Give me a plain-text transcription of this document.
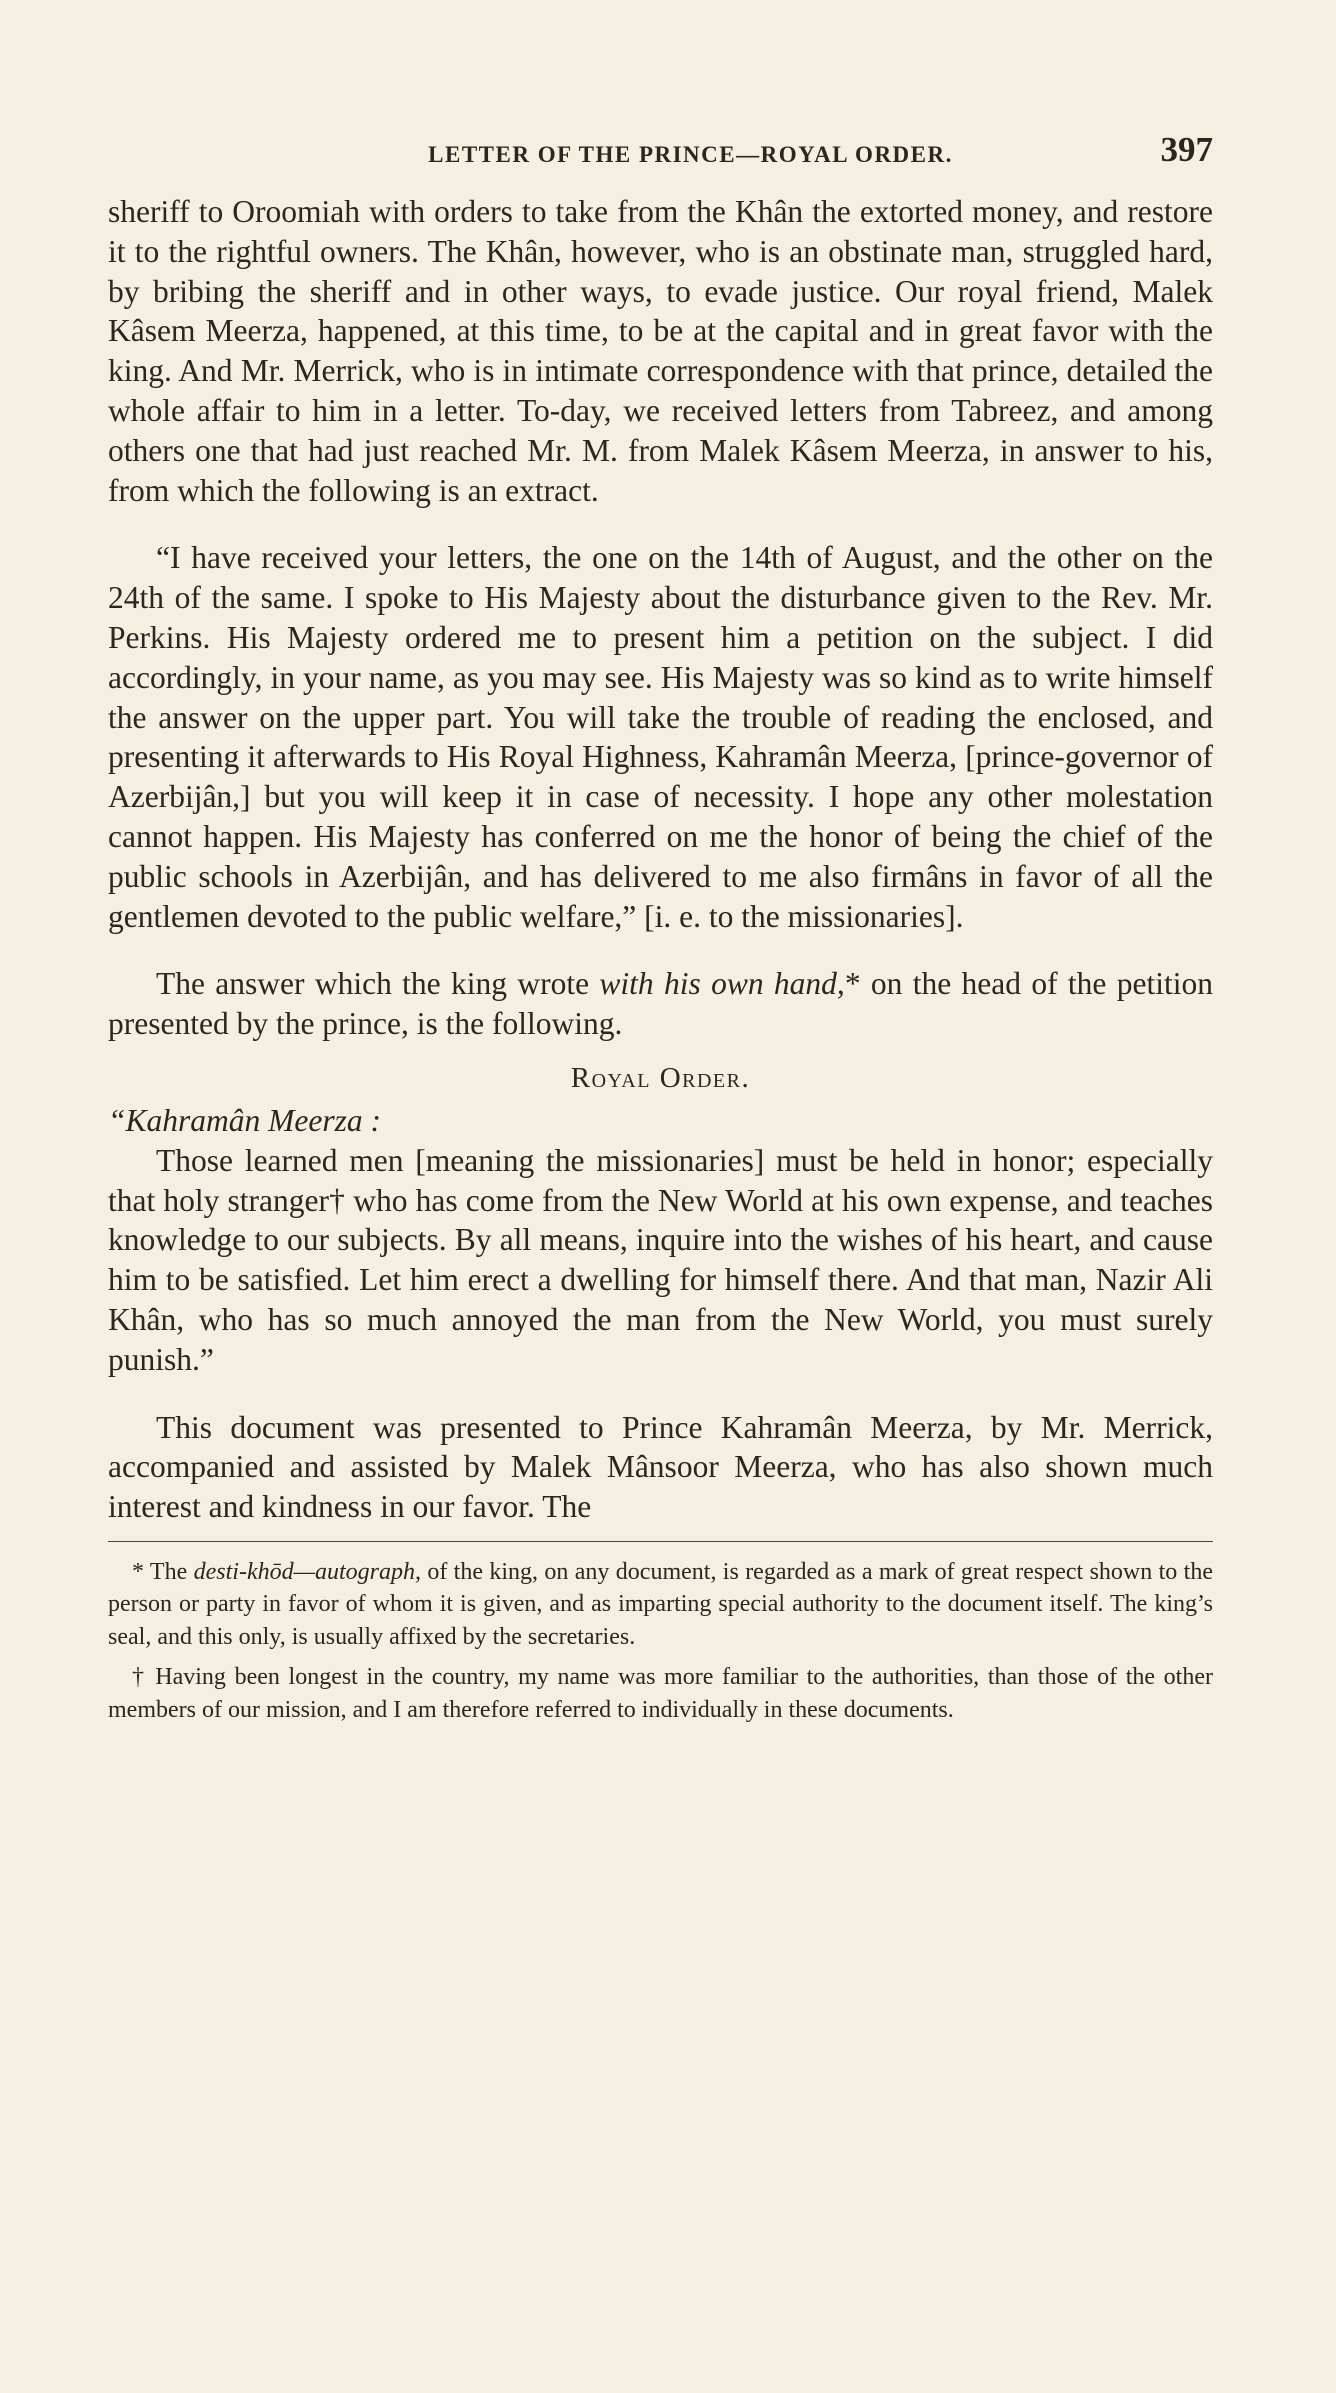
LETTER OF THE PRINCE—ROYAL ORDER.	397

sheriff to Oroomiah with orders to take from the Khân the extorted money, and restore it to the rightful owners. The Khân, however, who is an obstinate man, struggled hard, by bribing the sheriff and in other ways, to evade justice. Our royal friend, Malek Kâsem Meerza, happened, at this time, to be at the capital and in great favor with the king. And Mr. Merrick, who is in intimate correspondence with that prince, detailed the whole affair to him in a letter. To-day, we received letters from Tabreez, and among others one that had just reached Mr. M. from Malek Kâsem Meerza, in answer to his, from which the following is an extract.

“I have received your letters, the one on the 14th of August, and the other on the 24th of the same. I spoke to His Majesty about the disturbance given to the Rev. Mr. Perkins. His Majesty ordered me to present him a petition on the subject. I did accordingly, in your name, as you may see. His Majesty was so kind as to write himself the answer on the upper part. You will take the trouble of reading the enclosed, and presenting it afterwards to His Royal Highness, Kahramân Meerza, [prince-governor of Azerbijân,] but you will keep it in case of necessity. I hope any other molestation cannot happen. His Majesty has conferred on me the honor of being the chief of the public schools in Azerbijân, and has delivered to me also firmâns in favor of all the gentlemen devoted to the public welfare,” [i. e. to the missionaries].

The answer which the king wrote with his own hand,* on the head of the petition presented by the prince, is the following.

Royal Order.

“Kahramân Meerza :

Those learned men [meaning the missionaries] must be held in honor; especially that holy stranger† who has come from the New World at his own expense, and teaches knowledge to our subjects. By all means, inquire into the wishes of his heart, and cause him to be satisfied. Let him erect a dwelling for himself there. And that man, Nazir Ali Khân, who has so much annoyed the man from the New World, you must surely punish.”

This document was presented to Prince Kahramân Meerza, by Mr. Merrick, accompanied and assisted by Malek Mânsoor Meerza, who has also shown much interest and kindness in our favor. The

* The desti-khōd—autograph, of the king, on any document, is regarded as a mark of great respect shown to the person or party in favor of whom it is given, and as imparting special authority to the document itself. The king’s seal, and this only, is usually affixed by the secretaries.

† Having been longest in the country, my name was more familiar to the authorities, than those of the other members of our mission, and I am therefore referred to individually in these documents.
